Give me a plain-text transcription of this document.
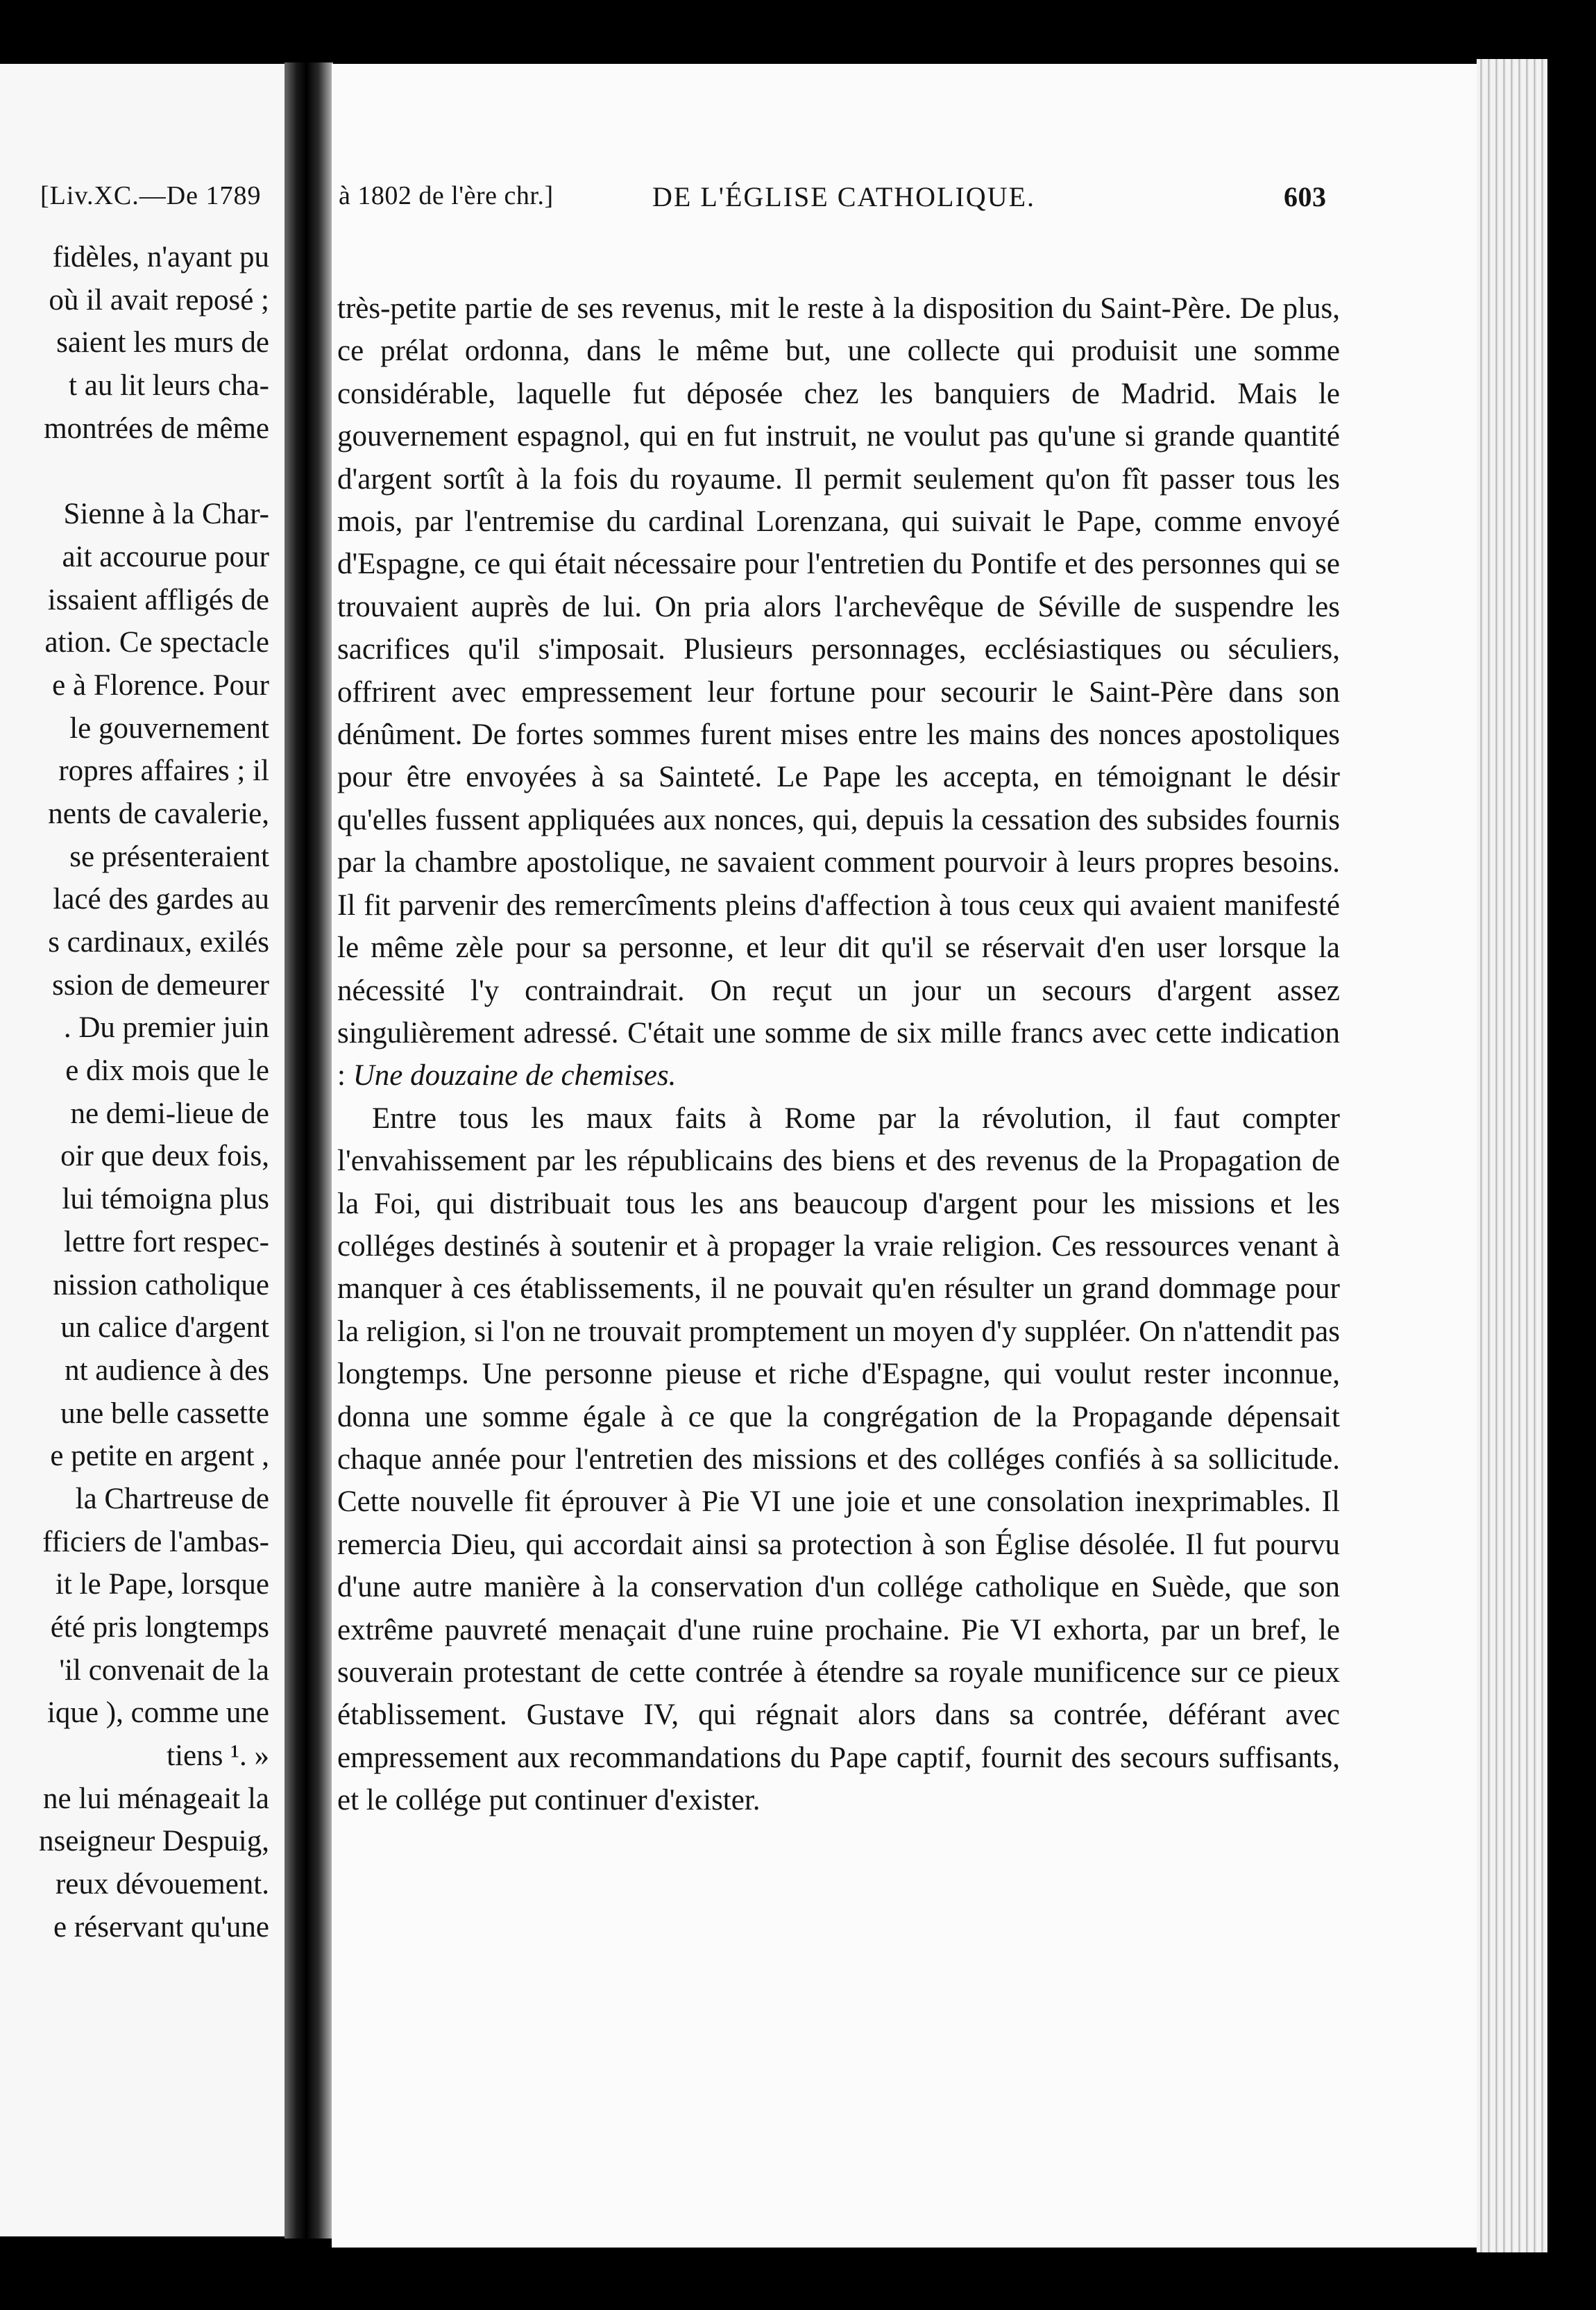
[Liv.XC.—De 1789
fidèles, n'ayant pu
où il avait reposé ;
saient les murs de
t au lit leurs cha-
montrées de même
Sienne à la Char-
ait accourue pour
issaient affligés de
ation. Ce spectacle
e à Florence. Pour
le gouvernement
ropres affaires ; il
nents de cavalerie,
se présenteraient
lacé des gardes au
s cardinaux, exilés
ssion de demeurer
. Du premier juin
e dix mois que le
ne demi-lieue de
oir que deux fois,
lui témoigna plus
lettre fort respec-
nission catholique
un calice d'argent
nt audience à des
une belle cassette
e petite en argent ,
la Chartreuse de
fficiers de l'ambas-
it le Pape, lorsque
été pris longtemps
'il convenait de la
ique ), comme une
tiens ¹. »
ne lui ménageait la
nseigneur Despuig,
reux dévouement.
e réservant qu'une
à 1802 de l'ère chr.]	DE L'ÉGLISE CATHOLIQUE.	603

très-petite partie de ses revenus, mit le reste à la disposition du Saint-Père. De plus, ce prélat ordonna, dans le même but, une collecte qui produisit une somme considérable, laquelle fut déposée chez les banquiers de Madrid. Mais le gouvernement espagnol, qui en fut instruit, ne voulut pas qu'une si grande quantité d'argent sortît à la fois du royaume. Il permit seulement qu'on fît passer tous les mois, par l'entremise du cardinal Lorenzana, qui suivait le Pape, comme envoyé d'Espagne, ce qui était nécessaire pour l'entretien du Pontife et des personnes qui se trouvaient auprès de lui. On pria alors l'archevêque de Séville de suspendre les sacrifices qu'il s'imposait. Plusieurs personnages, ecclésiastiques ou séculiers, offrirent avec empressement leur fortune pour secourir le Saint-Père dans son dénûment. De fortes sommes furent mises entre les mains des nonces apostoliques pour être envoyées à sa Sainteté. Le Pape les accepta, en témoignant le désir qu'elles fussent appliquées aux nonces, qui, depuis la cessation des subsides fournis par la chambre apostolique, ne savaient comment pourvoir à leurs propres besoins. Il fit parvenir des remercîments pleins d'affection à tous ceux qui avaient manifesté le même zèle pour sa personne, et leur dit qu'il se réservait d'en user lorsque la nécessité l'y contraindrait. On reçut un jour un secours d'argent assez singulièrement adressé. C'était une somme de six mille francs avec cette indication : Une douzaine de chemises.

Entre tous les maux faits à Rome par la révolution, il faut compter l'envahissement par les républicains des biens et des revenus de la Propagation de la Foi, qui distribuait tous les ans beaucoup d'argent pour les missions et les colléges destinés à soutenir et à propager la vraie religion. Ces ressources venant à manquer à ces établissements, il ne pouvait qu'en résulter un grand dommage pour la religion, si l'on ne trouvait promptement un moyen d'y suppléer. On n'attendit pas longtemps. Une personne pieuse et riche d'Espagne, qui voulut rester inconnue, donna une somme égale à ce que la congrégation de la Propagande dépensait chaque année pour l'entretien des missions et des colléges confiés à sa sollicitude. Cette nouvelle fit éprouver à Pie VI une joie et une consolation inexprimables. Il remercia Dieu, qui accordait ainsi sa protection à son Église désolée. Il fut pourvu d'une autre manière à la conservation d'un collége catholique en Suède, que son extrême pauvreté menaçait d'une ruine prochaine. Pie VI exhorta, par un bref, le souverain protestant de cette contrée à étendre sa royale munificence sur ce pieux établissement. Gustave IV, qui régnait alors dans sa contrée, déférant avec empressement aux recommandations du Pape captif, fournit des secours suffisants, et le collége put continuer d'exister.
